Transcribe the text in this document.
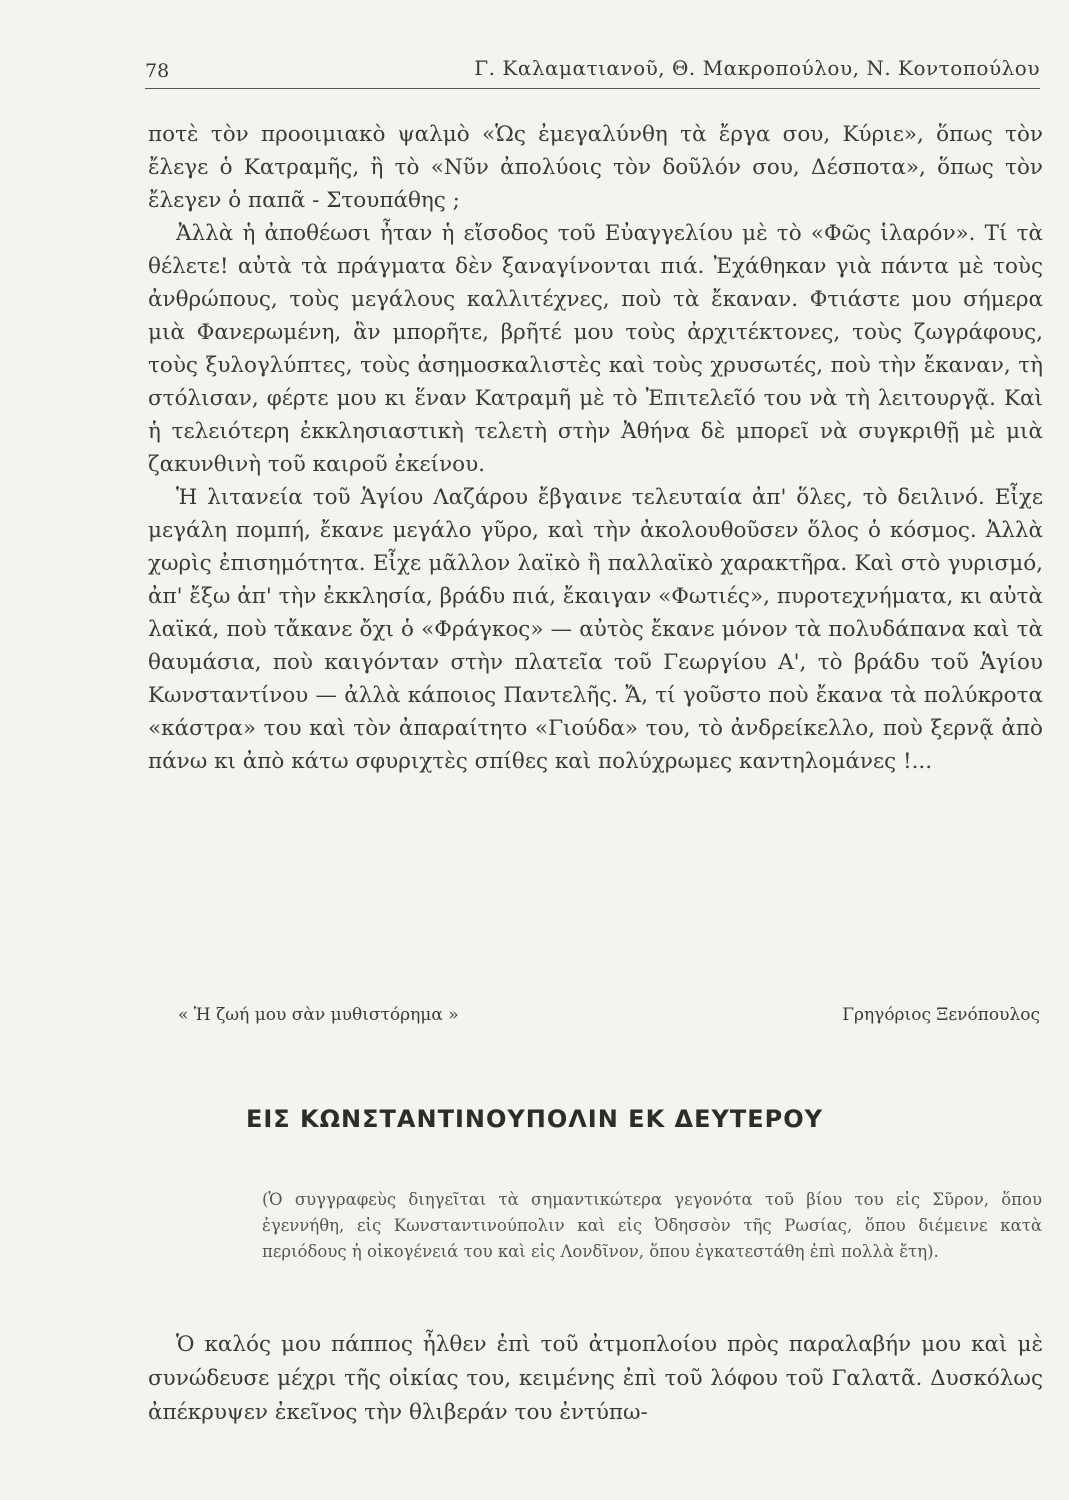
78	Γ. Καλαματιανοῦ, Θ. Μακροπούλου, Ν. Κοντοπούλου

ποτὲ τὸν προοιμιακὸ ψαλμὸ «Ὡς ἐμεγαλύνθη τὰ ἔργα σου, Κύριε», ὅπως τὸν ἔλεγε ὁ Κατραμῆς, ἢ τὸ «Νῦν ἀπολύοις τὸν δοῦλόν σου, Δέσποτα», ὅπως τὸν ἔλεγεν ὁ παπᾶ - Στουπάθης ;

Ἀλλὰ ἡ ἀποθέωσι ἦταν ἡ εἴσοδος τοῦ Εὐαγγελίου μὲ τὸ «Φῶς ἱλαρόν». Τί τὰ θέλετε! αὐτὰ τὰ πράγματα δὲν ξαναγίνονται πιά. Ἐχάθηκαν γιὰ πάντα μὲ τοὺς ἀνθρώπους, τοὺς μεγάλους καλλιτέχνες, ποὺ τὰ ἔκαναν. Φτιάστε μου σήμερα μιὰ Φανερωμένη, ἂν μπορῆτε, βρῆτέ μου τοὺς ἀρχιτέκτονες, τοὺς ζωγράφους, τοὺς ξυλογλύπτες, τοὺς ἀσημοσκαλιστὲς καὶ τοὺς χρυσωτές, ποὺ τὴν ἔκαναν, τὴ στόλισαν, φέρτε μου κι ἕναν Κατραμῆ μὲ τὸ Ἐπιτελεῖό του νὰ τὴ λειτουργᾷ. Καὶ ἡ τελειότερη ἐκκλησιαστικὴ τελετὴ στὴν Ἀθήνα δὲ μπορεῖ νὰ συγκριθῇ μὲ μιὰ ζακυνθινὴ τοῦ καιροῦ ἐκείνου.

Ἡ λιτανεία τοῦ Ἁγίου Λαζάρου ἔβγαινε τελευταία ἀπ' ὅλες, τὸ δειλινό. Εἶχε μεγάλη πομπή, ἔκανε μεγάλο γῦρο, καὶ τὴν ἀκολουθοῦσεν ὅλος ὁ κόσμος. Ἀλλὰ χωρὶς ἐπισημότητα. Εἶχε μᾶλλον λαϊκὸ ἢ παλλαϊκὸ χαρακτῆρα. Καὶ στὸ γυρισμό, ἀπ' ἔξω ἀπ' τὴν ἐκκλησία, βράδυ πιά, ἔκαιγαν «Φωτιές», πυροτεχνήματα, κι αὐτὰ λαϊκά, ποὺ τἄκανε ὄχι ὁ «Φράγκος» — αὐτὸς ἔκανε μόνον τὰ πολυδάπανα καὶ τὰ θαυμάσια, ποὺ καιγόνταν στὴν πλατεῖα τοῦ Γεωργίου Α', τὸ βράδυ τοῦ Ἁγίου Κωνσταντίνου — ἀλλὰ κάποιος Παντελῆς. Ἄ, τί γοῦστο ποὺ ἔκανα τὰ πολύκροτα «κάστρα» του καὶ τὸν ἀπαραίτητο «Γιούδα» του, τὸ ἀνδρείκελλο, ποὺ ξερνᾷ ἀπὸ πάνω κι ἀπὸ κάτω σφυριχτὲς σπίθες καὶ πολύχρωμες καντηλομάνες !...

« Ἡ ζωή μου σὰν μυθιστόρημα »	Γρηγόριος Ξενόπουλος
ΕΙΣ ΚΩΝΣΤΑΝΤΙΝΟΥΠΟΛΙΝ ΕΚ ΔΕΥΤΕΡΟΥ
(Ὁ συγγραφεὺς διηγεῖται τὰ σημαντικώτερα γεγονότα τοῦ βίου του εἰς Σῦρον, ὅπου ἐγεννήθη, εἰς Κωνσταντινούπολιν καὶ εἰς Ὀδησσὸν τῆς Ρωσίας, ὅπου διέμεινε κατὰ περιόδους ἡ οἰκογένειά του καὶ εἰς Λονδῖνον, ὅπου ἐγκατεστάθη ἐπὶ πολλὰ ἔτη).

Ὁ καλός μου πάππος ἦλθεν ἐπὶ τοῦ ἀτμοπλοίου πρὸς παραλαβήν μου καὶ μὲ συνώδευσε μέχρι τῆς οἰκίας του, κειμένης ἐπὶ τοῦ λόφου τοῦ Γαλατᾶ. Δυσκόλως ἀπέκρυψεν ἐκεῖνος τὴν θλιβεράν του ἐντύπω-
